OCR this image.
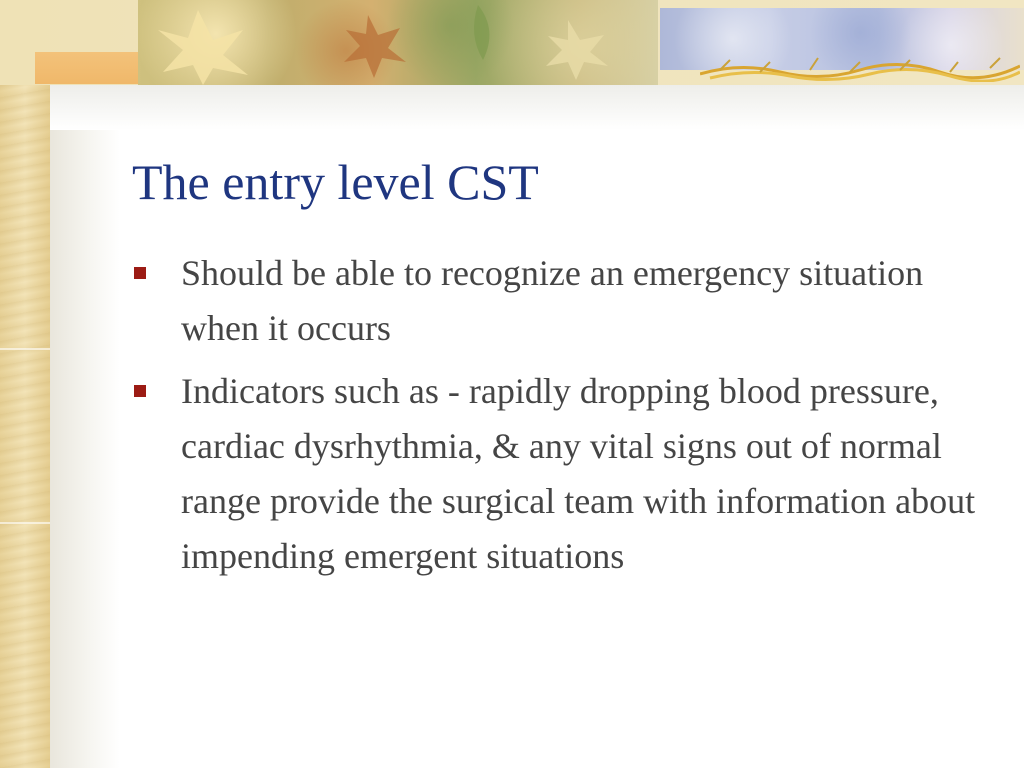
The entry level CST
Should be able to recognize an emergency situation when it occurs
Indicators such as - rapidly dropping blood pressure, cardiac dysrhythmia, & any vital signs out of normal range provide the surgical team with information about impending emergent situations
